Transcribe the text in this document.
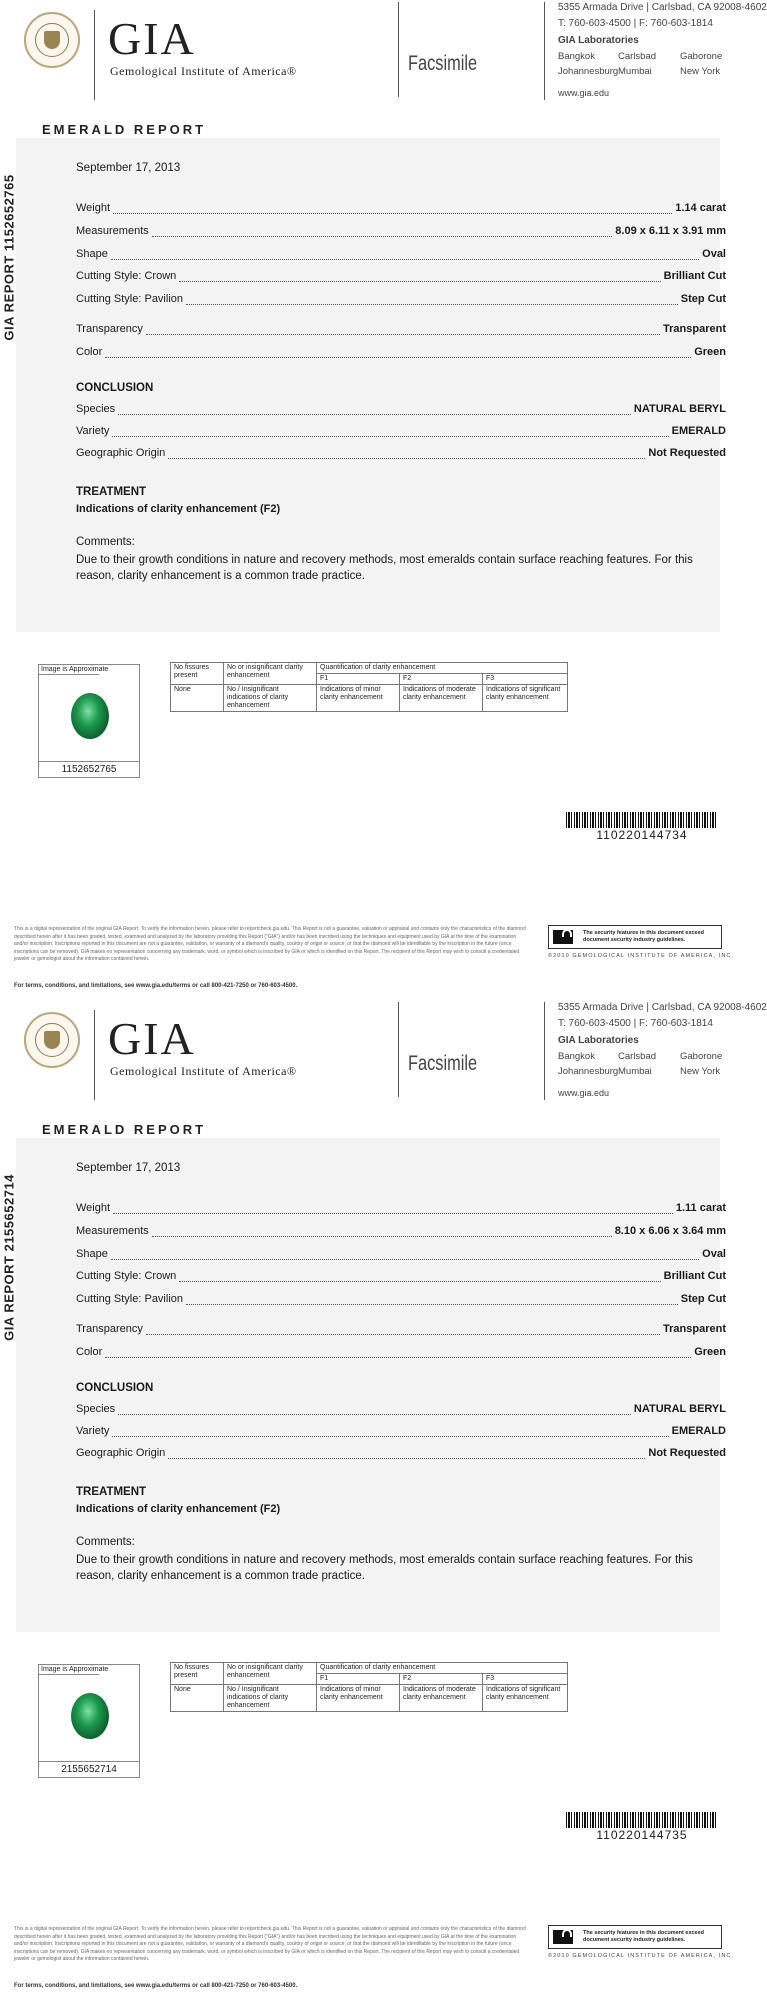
GIA
Gemological Institute of America®	Facsimile
5355 Armada Drive | Carlsbad, CA 92008-4602
T: 760-603-4500 | F: 760-603-1814
GIA Laboratories
Bangkok Carlsbad	Gaborone
Johannesburg Mumbai	New York
www.gia.edu
EMERALD REPORT
GIA REPORT 1152652765
September 17, 2013
Weight	1.14 carat
Measurements	8.09 x 6.11 x 3.91 mm
Shape	Oval
Cutting Style: Crown	Brilliant Cut
Cutting Style: Pavilion	Step Cut
Transparency	Transparent
Color	Green
CONCLUSION
Species	NATURAL BERYL
Variety	EMERALD
Geographic Origin	Not Requested
TREATMENT
Indications of clarity enhancement (F2)
Comments:
Due to their growth conditions in nature and recovery methods, most emeralds contain surface reaching features. For this reason, clarity enhancement is a common trade practice.
Image is Approximate
1152652765
No fissures present	No or insignificant clarity enhancement	Quantification of clarity enhancement		
		F1	F2	F3
None	No / Insignificant indications of clarity enhancement	Indications of minor clarity enhancement	Indications of moderate clarity enhancement	Indications of significant clarity enhancement
110220144734
This is a digital representation of the original GIA Report. To verify the information herein, please refer to reportcheck.gia.edu. This Report is not a guarantee, valuation or appraisal and contains only the characteristics of the diamond described herein after it has been graded, tested, examined and analyzed by the laboratory providing this Report ("GIA") and/or has been inscribed using the techniques and equipment used by GIA at the time of the examination and/or inscription. Inscriptions reported in this document are not a guarantee, validation, or warranty of a diamond's quality, country of origin or source, or that the diamond will be identifiable by the inscription in the future (once inscriptions can be removed). GIA makes no representation concerning any trademark, word, or symbol which is inscribed by GIA or which is identified on this Report. The recipient of this Report may wish to consult a credentialed jeweler or gemologist about the information contained herein.
For terms, conditions, and limitations, see www.gia.edu/terms or call 800-421-7250 or 760-603-4500.
The security features in this document exceed document security industry guidelines.
©2010 GEMOLOGICAL INSTITUTE OF AMERICA, INC.
GIA
Gemological Institute of America®	Facsimile
5355 Armada Drive | Carlsbad, CA 92008-4602
T: 760-603-4500 | F: 760-603-1814
GIA Laboratories
Bangkok Carlsbad	Gaborone
Johannesburg Mumbai	New York
www.gia.edu
EMERALD REPORT
GIA REPORT 2155652714
September 17, 2013
Weight	1.11 carat
Measurements	8.10 x 6.06 x 3.64 mm
Shape	Oval
Cutting Style: Crown	Brilliant Cut
Cutting Style: Pavilion	Step Cut
Transparency	Transparent
Color	Green
CONCLUSION
Species	NATURAL BERYL
Variety	EMERALD
Geographic Origin	Not Requested
TREATMENT
Indications of clarity enhancement (F2)
Comments:
Due to their growth conditions in nature and recovery methods, most emeralds contain surface reaching features. For this reason, clarity enhancement is a common trade practice.
Image is Approximate
2155652714
No fissures present	No or insignificant clarity enhancement	Quantification of clarity enhancement		
		F1	F2	F3
None	No / Insignificant indications of clarity enhancement	Indications of minor clarity enhancement	Indications of moderate clarity enhancement	Indications of significant clarity enhancement
110220144735
This is a digital representation of the original GIA Report. To verify the information herein, please refer to reportcheck.gia.edu. This Report is not a guarantee, valuation or appraisal and contains only the characteristics of the diamond described herein after it has been graded, tested, examined and analyzed by the laboratory providing this Report ("GIA") and/or has been inscribed using the techniques and equipment used by GIA at the time of the examination and/or inscription. Inscriptions reported in this document are not a guarantee, validation, or warranty of a diamond's quality, country of origin or source, or that the diamond will be identifiable by the inscription in the future (once inscriptions can be removed). GIA makes no representation concerning any trademark, word, or symbol which is inscribed by GIA or which is identified on this Report. The recipient of this Report may wish to consult a credentialed jeweler or gemologist about the information contained herein.
For terms, conditions, and limitations, see www.gia.edu/terms or call 800-421-7250 or 760-603-4500.
The security features in this document exceed document security industry guidelines.
©2010 GEMOLOGICAL INSTITUTE OF AMERICA, INC.
